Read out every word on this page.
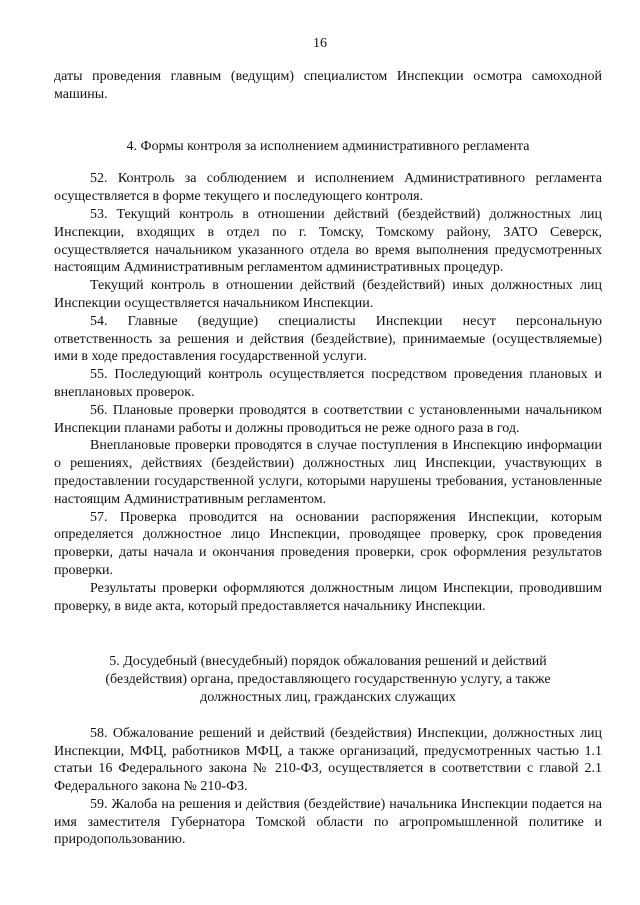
16

даты проведения главным (ведущим) специалистом Инспекции осмотра самоходной машины.

4. Формы контроля за исполнением административного регламента

52. Контроль за соблюдением и исполнением Административного регламента осуществляется в форме текущего и последующего контроля.

53. Текущий контроль в отношении действий (бездействий) должностных лиц Инспекции, входящих в отдел по г. Томску, Томскому району, ЗАТО Северск, осуществляется начальником указанного отдела во время выполнения предусмотренных настоящим Административным регламентом административных процедур.

Текущий контроль в отношении действий (бездействий) иных должностных лиц Инспекции осуществляется начальником Инспекции.

54. Главные (ведущие) специалисты Инспекции несут персональную ответственность за решения и действия (бездействие), принимаемые (осуществляемые) ими в ходе предоставления государственной услуги.

55. Последующий контроль осуществляется посредством проведения плановых и внеплановых проверок.

56. Плановые проверки проводятся в соответствии с установленными начальником Инспекции планами работы и должны проводиться не реже одного раза в год.

Внеплановые проверки проводятся в случае поступления в Инспекцию информации о решениях, действиях (бездействии) должностных лиц Инспекции, участвующих в предоставлении государственной услуги, которыми нарушены требования, установленные настоящим Административным регламентом.

57. Проверка проводится на основании распоряжения Инспекции, которым определяется должностное лицо Инспекции, проводящее проверку, срок проведения проверки, даты начала и окончания проведения проверки, срок оформления результатов проверки.

Результаты проверки оформляются должностным лицом Инспекции, проводившим проверку, в виде акта, который предоставляется начальнику Инспекции.

5. Досудебный (внесудебный) порядок обжалования решений и действий

(бездействия) органа, предоставляющего государственную услугу, а также

должностных лиц, гражданских служащих

58. Обжалование решений и действий (бездействия) Инспекции, должностных лиц Инспекции, МФЦ, работников МФЦ, а также организаций, предусмотренных частью 1.1 статьи 16 Федерального закона № 210-ФЗ, осуществляется в соответствии с главой 2.1 Федерального закона № 210-ФЗ.

59. Жалоба на решения и действия (бездействие) начальника Инспекции подается на имя заместителя Губернатора Томской области по агропромышленной политике и природопользованию.
